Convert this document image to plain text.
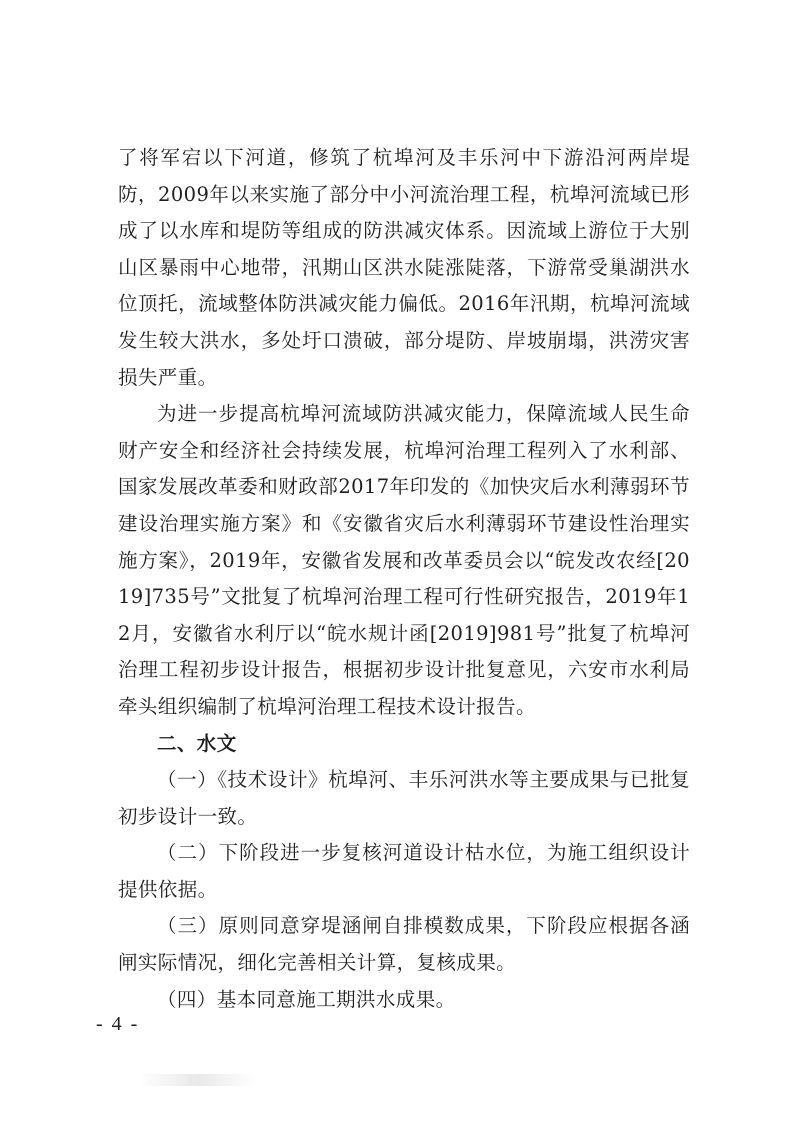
了将军宕以下河道，修筑了杭埠河及丰乐河中下游沿河两岸堤防，2009年以来实施了部分中小河流治理工程，杭埠河流域已形成了以水库和堤防等组成的防洪减灾体系。因流域上游位于大别山区暴雨中心地带，汛期山区洪水陡涨陡落，下游常受巢湖洪水位顶托，流域整体防洪减灾能力偏低。2016年汛期，杭埠河流域发生较大洪水，多处圩口溃破，部分堤防、岸坡崩塌，洪涝灾害损失严重。

为进一步提高杭埠河流域防洪减灾能力，保障流域人民生命财产安全和经济社会持续发展，杭埠河治理工程列入了水利部、国家发展改革委和财政部2017年印发的《加快灾后水利薄弱环节建设治理实施方案》和《安徽省灾后水利薄弱环节建设性治理实施方案》，2019年，安徽省发展和改革委员会以“皖发改农经[2019]735号”文批复了杭埠河治理工程可行性研究报告，2019年12月，安徽省水利厅以“皖水规计函[2019]981号”批复了杭埠河治理工程初步设计报告，根据初步设计批复意见，六安市水利局牵头组织编制了杭埠河治理工程技术设计报告。

二、水文

（一）《技术设计》杭埠河、丰乐河洪水等主要成果与已批复初步设计一致。

（二）下阶段进一步复核河道设计枯水位，为施工组织设计提供依据。

（三）原则同意穿堤涵闸自排模数成果，下阶段应根据各涵闸实际情况，细化完善相关计算，复核成果。

（四）基本同意施工期洪水成果。

- 4 -
